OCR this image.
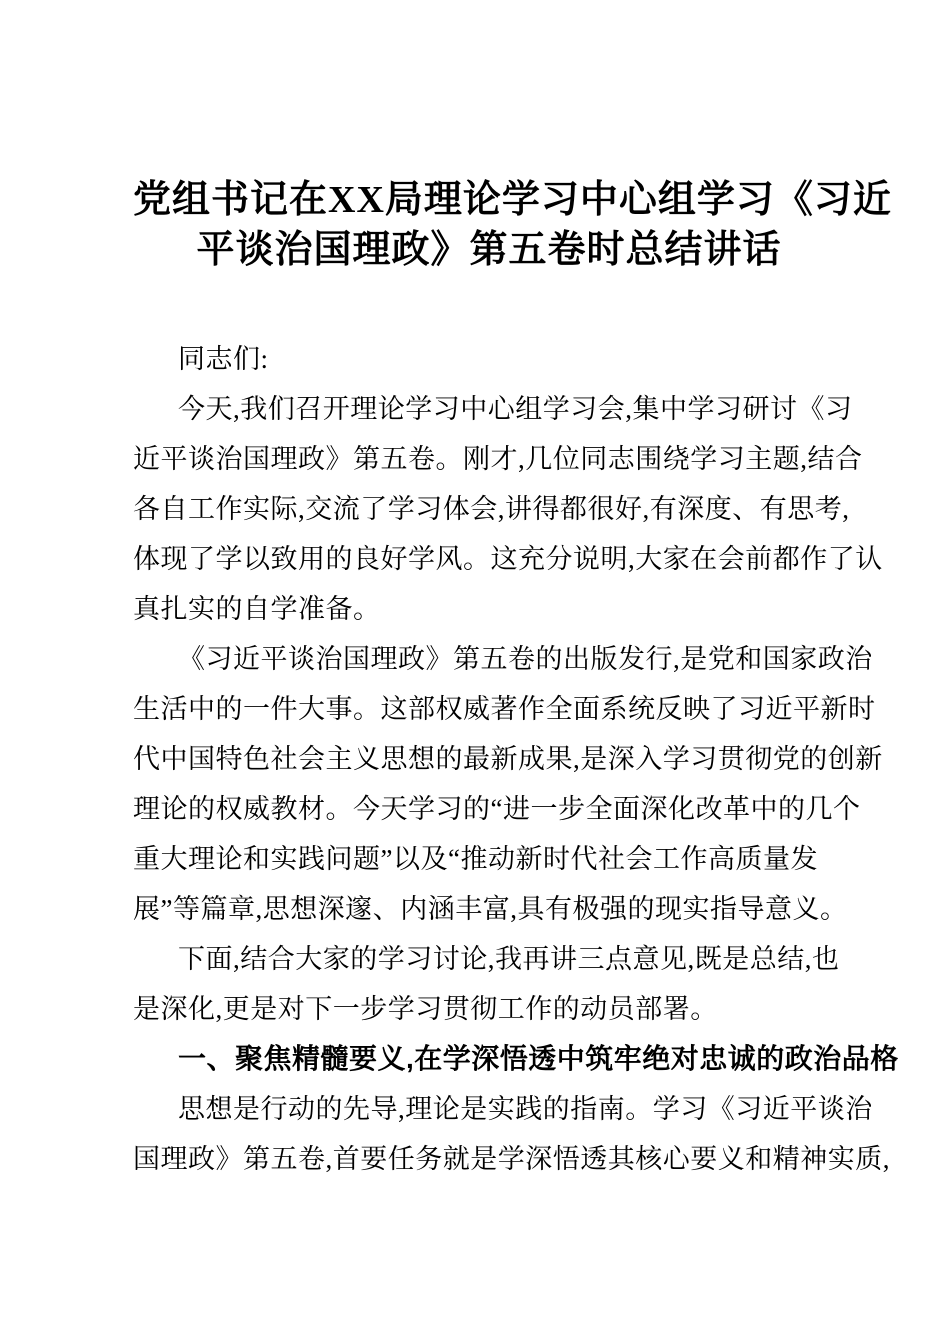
党组书记在XX局理论学习中心组学习《习近
平谈治国理政》第五卷时总结讲话
同志们:
今天,我们召开理论学习中心组学习会,集中学习研讨《习
近平谈治国理政》第五卷。刚才,几位同志围绕学习主题,结合
各自工作实际,交流了学习体会,讲得都很好,有深度、有思考,
体现了学以致用的良好学风。这充分说明,大家在会前都作了认
真扎实的自学准备。
《习近平谈治国理政》第五卷的出版发行,是党和国家政治
生活中的一件大事。这部权威著作全面系统反映了习近平新时
代中国特色社会主义思想的最新成果,是深入学习贯彻党的创新
理论的权威教材。今天学习的“进一步全面深化改革中的几个
重大理论和实践问题”以及“推动新时代社会工作高质量发
展”等篇章,思想深邃、内涵丰富,具有极强的现实指导意义。
下面,结合大家的学习讨论,我再讲三点意见,既是总结,也
是深化,更是对下一步学习贯彻工作的动员部署。
一、聚焦精髓要义,在学深悟透中筑牢绝对忠诚的政治品格
思想是行动的先导,理论是实践的指南。学习《习近平谈治
国理政》第五卷,首要任务就是学深悟透其核心要义和精神实质,
